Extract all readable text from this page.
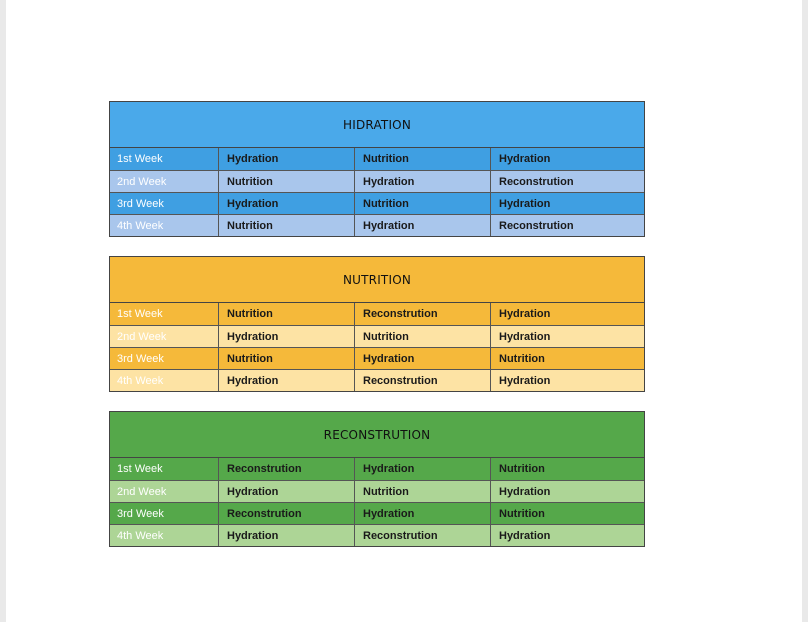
HIDRATION
1st Week	Hydration	Nutrition	Hydration
2nd Week	Nutrition	Hydration	Reconstrution
3rd Week	Hydration	Nutrition	Hydration
4th Week	Nutrition	Hydration	Reconstrution
NUTRITION
1st Week	Nutrition	Reconstrution	Hydration
2nd Week	Hydration	Nutrition	Hydration
3rd Week	Nutrition	Hydration	Nutrition
4th Week	Hydration	Reconstrution	Hydration
RECONSTRUTION
1st Week	Reconstrution	Hydration	Nutrition
2nd Week	Hydration	Nutrition	Hydration
3rd Week	Reconstrution	Hydration	Nutrition
4th Week	Hydration	Reconstrution	Hydration
